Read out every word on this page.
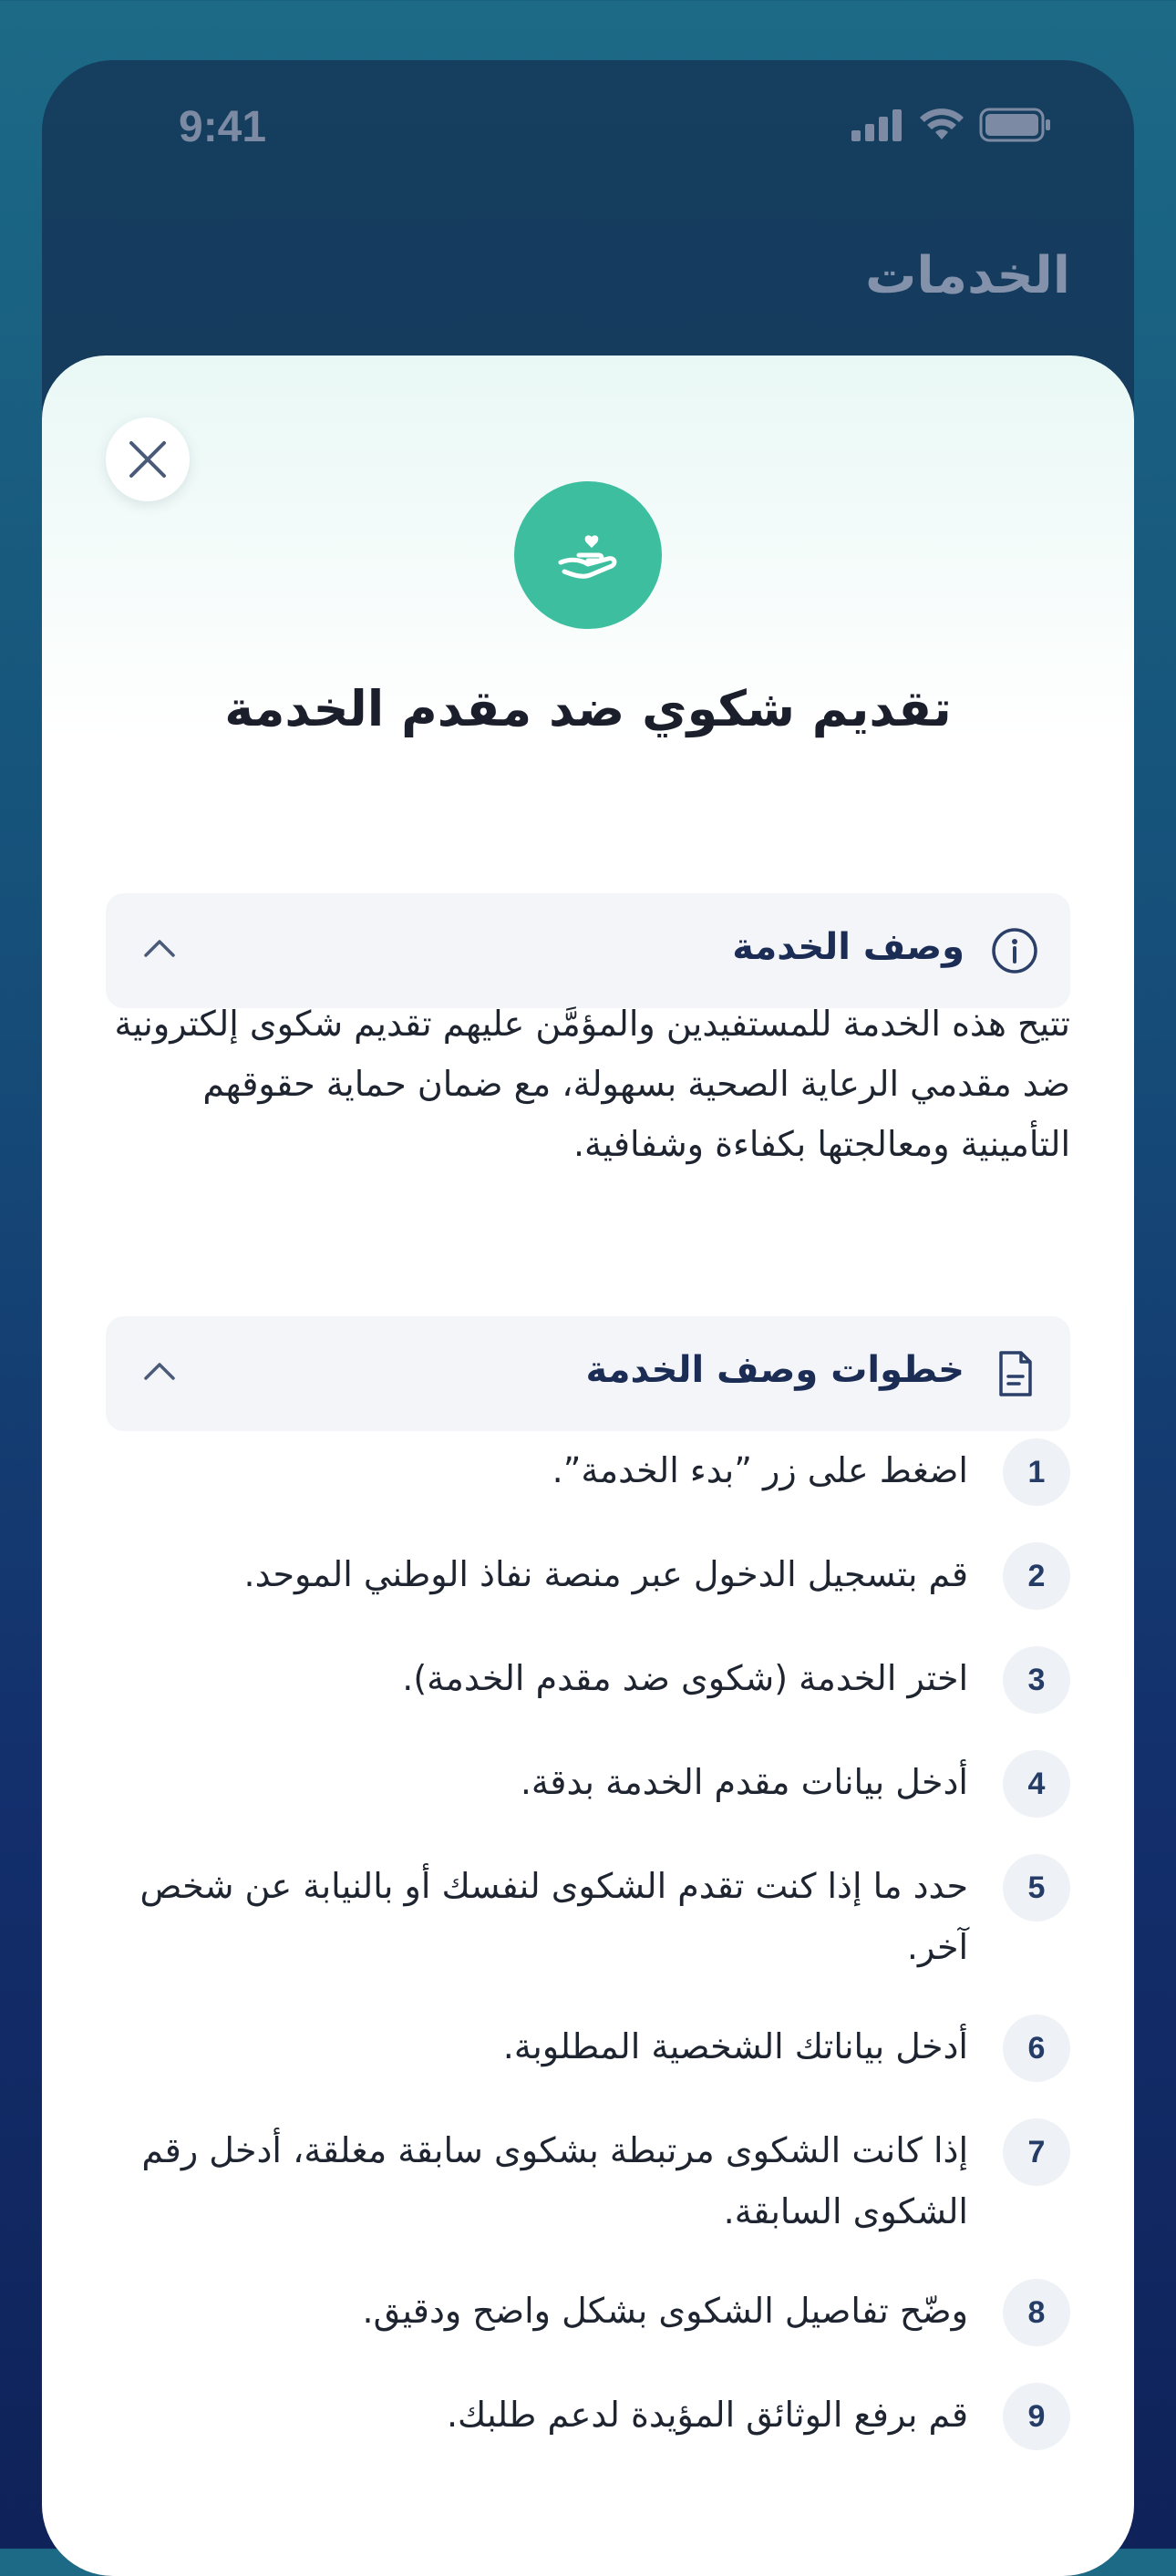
9:41
الخدمات
تقديم شكوي ضد مقدم الخدمة
وصف الخدمة
تتيح هذه الخدمة للمستفيدين والمؤمَّن عليهم تقديم شكوى إلكترونية ضد مقدمي الرعاية الصحية بسهولة، مع ضمان حماية حقوقهم التأمينية ومعالجتها بكفاءة وشفافية.
خطوات وصف الخدمة
1
اضغط على زر ”بدء الخدمة”.
2
قم بتسجيل الدخول عبر منصة نفاذ الوطني الموحد.
3
اختر الخدمة (شكوى ضد مقدم الخدمة).
4
أدخل بيانات مقدم الخدمة بدقة.
5
حدد ما إذا كنت تقدم الشكوى لنفسك أو بالنيابة عن شخص آخر.
6
أدخل بياناتك الشخصية المطلوبة.
7
إذا كانت الشكوى مرتبطة بشكوى سابقة مغلقة، أدخل رقم الشكوى السابقة.
8
وضّح تفاصيل الشكوى بشكل واضح ودقيق.
9
قم برفع الوثائق المؤيدة لدعم طلبك.
